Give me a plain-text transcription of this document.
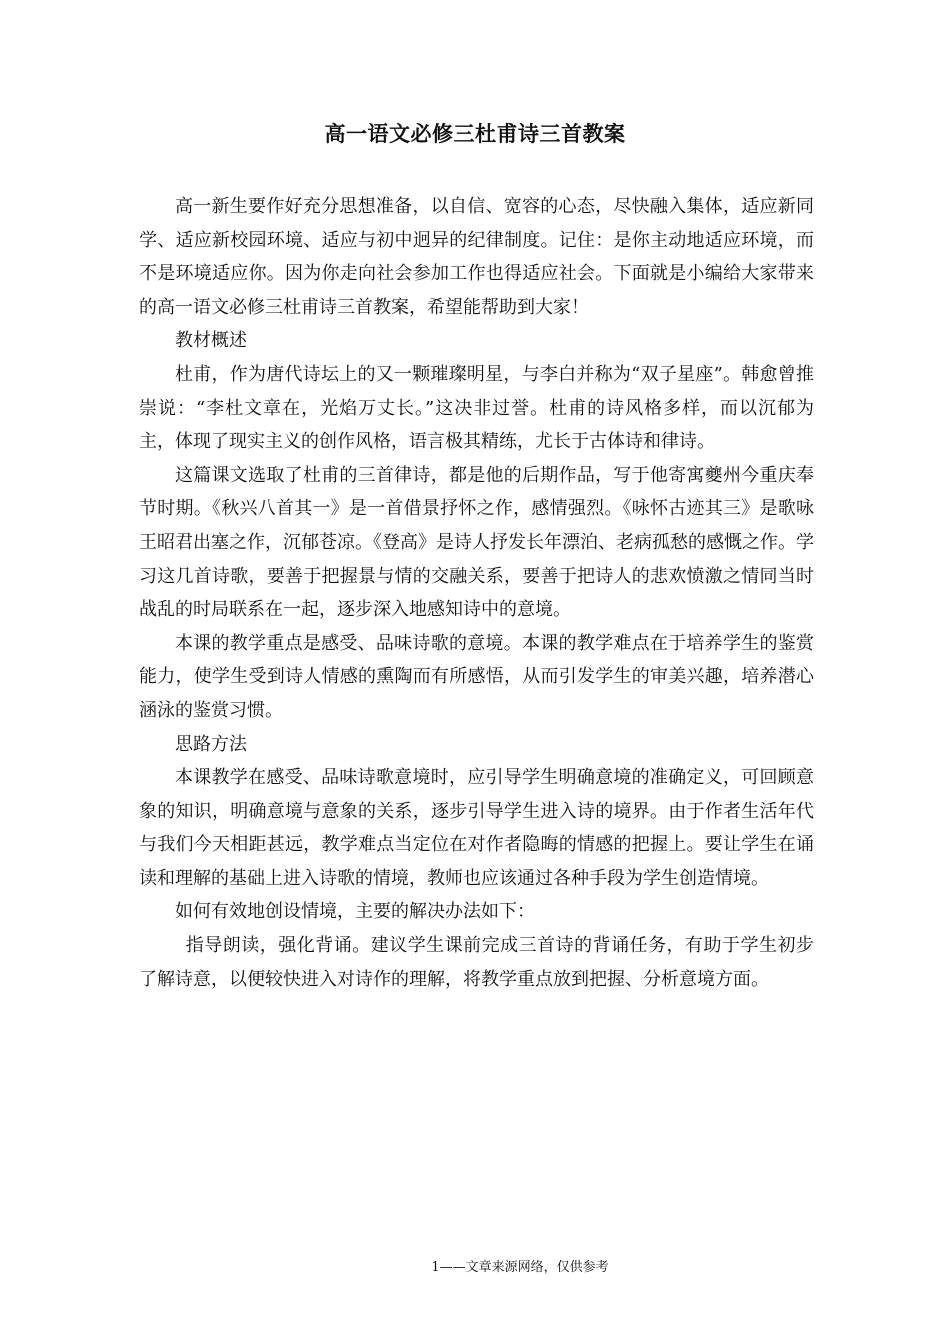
高一语文必修三杜甫诗三首教案

高一新生要作好充分思想准备，以自信、宽容的心态，尽快融入集体，适应新同学、适应新校园环境、适应与初中迥异的纪律制度。记住：是你主动地适应环境，而不是环境适应你。因为你走向社会参加工作也得适应社会。下面就是小编给大家带来的高一语文必修三杜甫诗三首教案，希望能帮助到大家！

教材概述

杜甫，作为唐代诗坛上的又一颗璀璨明星，与李白并称为“双子星座”。韩愈曾推崇说：“李杜文章在，光焰万丈长。”这决非过誉。杜甫的诗风格多样，而以沉郁为主，体现了现实主义的创作风格，语言极其精练，尤长于古体诗和律诗。

这篇课文选取了杜甫的三首律诗，都是他的后期作品，写于他寄寓夔州今重庆奉节时期。《秋兴八首其一》是一首借景抒怀之作，感情强烈。《咏怀古迹其三》是歌咏王昭君出塞之作，沉郁苍凉。《登高》是诗人抒发长年漂泊、老病孤愁的感慨之作。学习这几首诗歌，要善于把握景与情的交融关系，要善于把诗人的悲欢愤激之情同当时战乱的时局联系在一起，逐步深入地感知诗中的意境。

本课的教学重点是感受、品味诗歌的意境。本课的教学难点在于培养学生的鉴赏能力，使学生受到诗人情感的熏陶而有所感悟，从而引发学生的审美兴趣，培养潜心涵泳的鉴赏习惯。

思路方法

本课教学在感受、品味诗歌意境时，应引导学生明确意境的准确定义，可回顾意象的知识，明确意境与意象的关系，逐步引导学生进入诗的境界。由于作者生活年代与我们今天相距甚远，教学难点当定位在对作者隐晦的情感的把握上。要让学生在诵读和理解的基础上进入诗歌的情境，教师也应该通过各种手段为学生创造情境。

如何有效地创设情境，主要的解决办法如下：

指导朗读，强化背诵。建议学生课前完成三首诗的背诵任务，有助于学生初步了解诗意，以便较快进入对诗作的理解，将教学重点放到把握、分析意境方面。

1——文章来源网络，仅供参考
